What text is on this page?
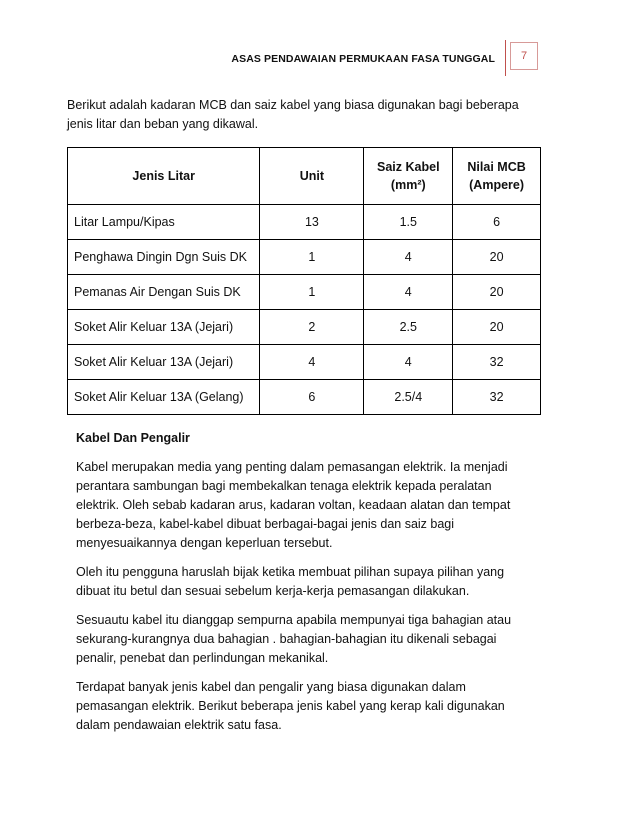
ASAS PENDAWAIAN PERMUKAAN FASA TUNGGAL	7
Berikut adalah kadaran MCB dan saiz kabel yang biasa digunakan bagi beberapa jenis litar dan beban yang dikawal.
Jenis Litar	Unit	Saiz Kabel (mm²)	Nilai MCB (Ampere)
Litar Lampu/Kipas	13	1.5	6
Penghawa Dingin Dgn Suis DK	1	4	20
Pemanas Air Dengan Suis DK	1	4	20
Soket Alir Keluar 13A (Jejari)	2	2.5	20
Soket Alir Keluar 13A (Jejari)	4	4	32
Soket Alir Keluar 13A (Gelang)	6	2.5/4	32
Kabel Dan Pengalir

Kabel merupakan media yang penting dalam pemasangan elektrik. Ia menjadi perantara sambungan bagi membekalkan tenaga elektrik kepada peralatan elektrik. Oleh sebab kadaran arus, kadaran voltan, keadaan alatan dan tempat berbeza-beza, kabel-kabel dibuat berbagai-bagai jenis dan saiz bagi menyesuaikannya dengan keperluan tersebut.

Oleh itu pengguna haruslah bijak ketika membuat pilihan supaya pilihan yang dibuat itu betul dan sesuai sebelum kerja-kerja pemasangan dilakukan.

Sesuautu kabel itu dianggap sempurna apabila mempunyai tiga bahagian atau sekurang-kurangnya dua bahagian . bahagian-bahagian itu dikenali sebagai penalir, penebat dan perlindungan mekanikal.

Terdapat banyak jenis kabel dan pengalir yang biasa digunakan dalam pemasangan elektrik. Berikut beberapa jenis kabel yang kerap kali digunakan dalam pendawaian elektrik satu fasa.
